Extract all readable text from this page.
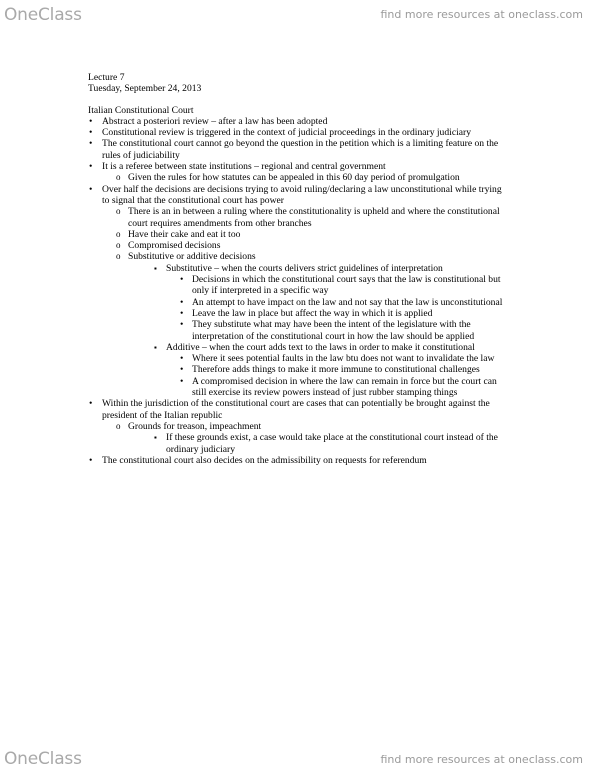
OneClass	find more resources at oneclass.com

Lecture 7

Tuesday, September 24, 2013

Italian Constitutional Court

• Abstract a posteriori review – after a law has been adopted
• Constitutional review is triggered in the context of judicial proceedings in the ordinary judiciary
• The constitutional court cannot go beyond the question in the petition which is a limiting feature on the rules of judiciability
• It is a referee between state institutions – regional and central government
o Given the rules for how statutes can be appealed in this 60 day period of promulgation
• Over half the decisions are decisions trying to avoid ruling/declaring a law unconstitutional while trying to signal that the constitutional court has power
o There is an in between a ruling where the constitutionality is upheld and where the constitutional court requires amendments from other branches
o Have their cake and eat it too
o Compromised decisions
o Substitutive or additive decisions
▪ Substitutive – when the courts delivers strict guidelines of interpretation
• Decisions in which the constitutional court says that the law is constitutional but only if interpreted in a specific way
• An attempt to have impact on the law and not say that the law is unconstitutional
• Leave the law in place but affect the way in which it is applied
• They substitute what may have been the intent of the legislature with the interpretation of the constitutional court in how the law should be applied
▪ Additive – when the court adds text to the laws in order to make it constitutional
• Where it sees potential faults in the law btu does not want to invalidate the law
• Therefore adds things to make it more immune to constitutional challenges
• A compromised decision in where the law can remain in force but the court can still exercise its review powers instead of just rubber stamping things
• Within the jurisdiction of the constitutional court are cases that can potentially be brought against the president of the Italian republic
o Grounds for treason, impeachment
▪ If these grounds exist, a case would take place at the constitutional court instead of the ordinary judiciary
• The constitutional court also decides on the admissibility on requests for referendum
OneClass	find more resources at oneclass.com
